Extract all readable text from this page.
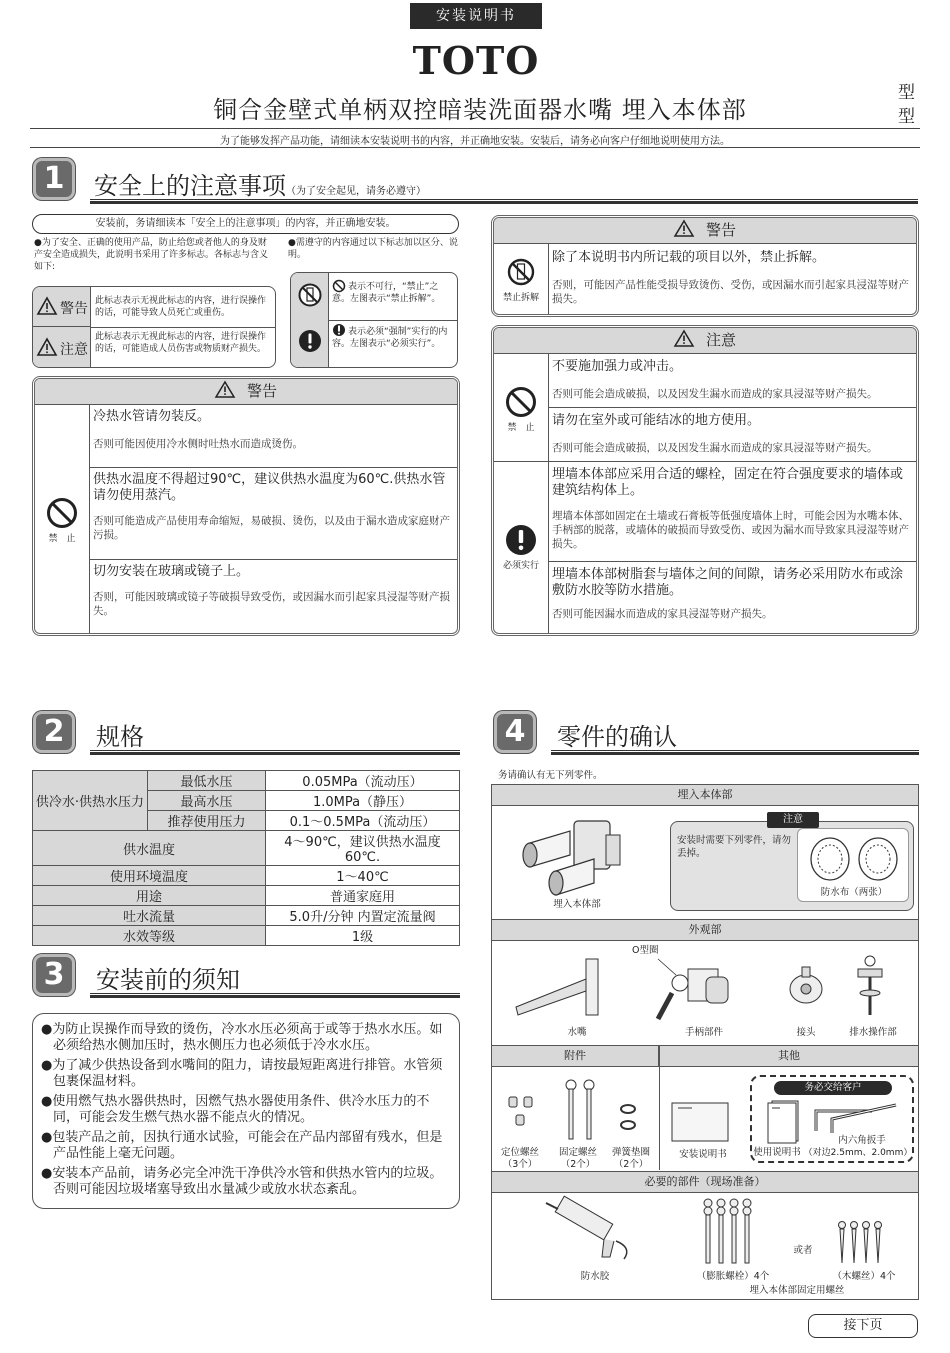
安装说明书
TOTO
铜合金壁式单柄双控暗装洗面器水嘴 埋入本体部
型
型
为了能够发挥产品功能，请细读本安装说明书的内容，并正确地安装。安装后，请务必向客户仔细地说明使用方法。
1	安全上的注意事项（为了安全起见，请务必遵守）
安装前，务请细读本「安全上的注意事项」的内容，并正确地安装。
●为了安全、正确的使用产品，防止给您或者他人的身及财产安全造成损失，此说明书采用了许多标志。各标志与含义如下:
●需遵守的内容通过以下标志加以区分、说明。
警告 此标志表示无视此标志的内容，进行误操作的话，可能导致人员死亡或重伤。
注意
此标志表示无视此标志的内容，进行误操作的话，可能造成人员伤害或物质财产损失。
表示不可行，“禁止”之意。左图表示“禁止拆解”。
表示必须“强制”实行的内容。左图表示“必须实行”。
警告
禁　止
冷热水管请勿装反。
否则可能因使用冷水侧时吐热水而造成烫伤。
供热水温度不得超过90℃，建议供热水温度为60℃.供热水管请勿使用蒸汽。
否则可能造成产品使用寿命缩短，易破损、烫伤，以及由于漏水造成家庭财产污损。
切勿安装在玻璃或镜子上。
否则，可能因玻璃或镜子等破损导致受伤，或因漏水而引起家具浸湿等财产损失。
警告
禁止拆解
除了本说明书内所记载的项目以外，禁止拆解。
否则，可能因产品性能受损导致烫伤、受伤，或因漏水而引起家具浸湿等财产损失。
注意
禁　止
必须实行
不要施加强力或冲击。
否则可能会造成破损，以及因发生漏水而造成的家具浸湿等财产损失。
请勿在室外或可能结冰的地方使用。
否则可能会造成破损，以及因发生漏水而造成的家具浸湿等财产损失。
埋墙本体部应采用合适的螺栓，固定在符合强度要求的墙体或建筑结构体上。
埋墙本体部如固定在土墙或石膏板等低强度墙体上时，可能会因为水嘴本体、手柄部的脱落，或墙体的破损而导致受伤、或因为漏水而导致家具浸湿等财产损失。
埋墙本体部树脂套与墙体之间的间隙，请务必采用防水布或涂敷防水胶等防水措施。
否则可能因漏水而造成的家具浸湿等财产损失。
2	规格
供冷水·供热水压力	最低水压	0.05MPa（流动压）
	最高水压	1.0MPa（静压）
	推荐使用压力	0.1～0.5MPa（流动压）
供水温度		4～90℃，建议供热水温度60℃.
使用环境温度		1～40℃
用途		普通家庭用
吐水流量		5.0升/分钟 内置定流量阀
水效等级		1级
3	安装前的须知
●为防止误操作而导致的烫伤，冷水水压必须高于或等于热水水压。如必须给热水侧加压时，热水侧压力也必须低于冷水水压。
●为了减少供热设备到水嘴间的阻力，请按最短距离进行排管。水管须包裹保温材料。
●使用燃气热水器供热时，因燃气热水器使用条件、供冷水压力的不同，可能会发生燃气热水器不能点火的情况。
●包装产品之前，因执行通水试验，可能会在产品内部留有残水，但是产品性能上毫无问题。
●安装本产品前，请务必完全冲洗干净供冷水管和供热水管内的垃圾。否则可能因垃圾堵塞导致出水量减少或放水状态紊乱。
4	零件的确认
务请确认有无下列零件。
埋入本体部
埋入本体部
注意
安装时需要下列零件，请勿丢掉。
防水布（两张）
外观部
水嘴
O型圈
手柄部件	接头	排水操作部
附件	其他
定位螺丝
（3个）
固定螺丝
（2个）
弹簧垫圈
（2个）
安装说明书
务必交给客户
使用说明书
内六角扳手
（对边2.5mm、2.0mm）
必要的部件（现场准备）
防水胶
或者
（膨胀螺栓）4个	（木螺丝）4个
埋入本体部固定用螺丝
接下页
